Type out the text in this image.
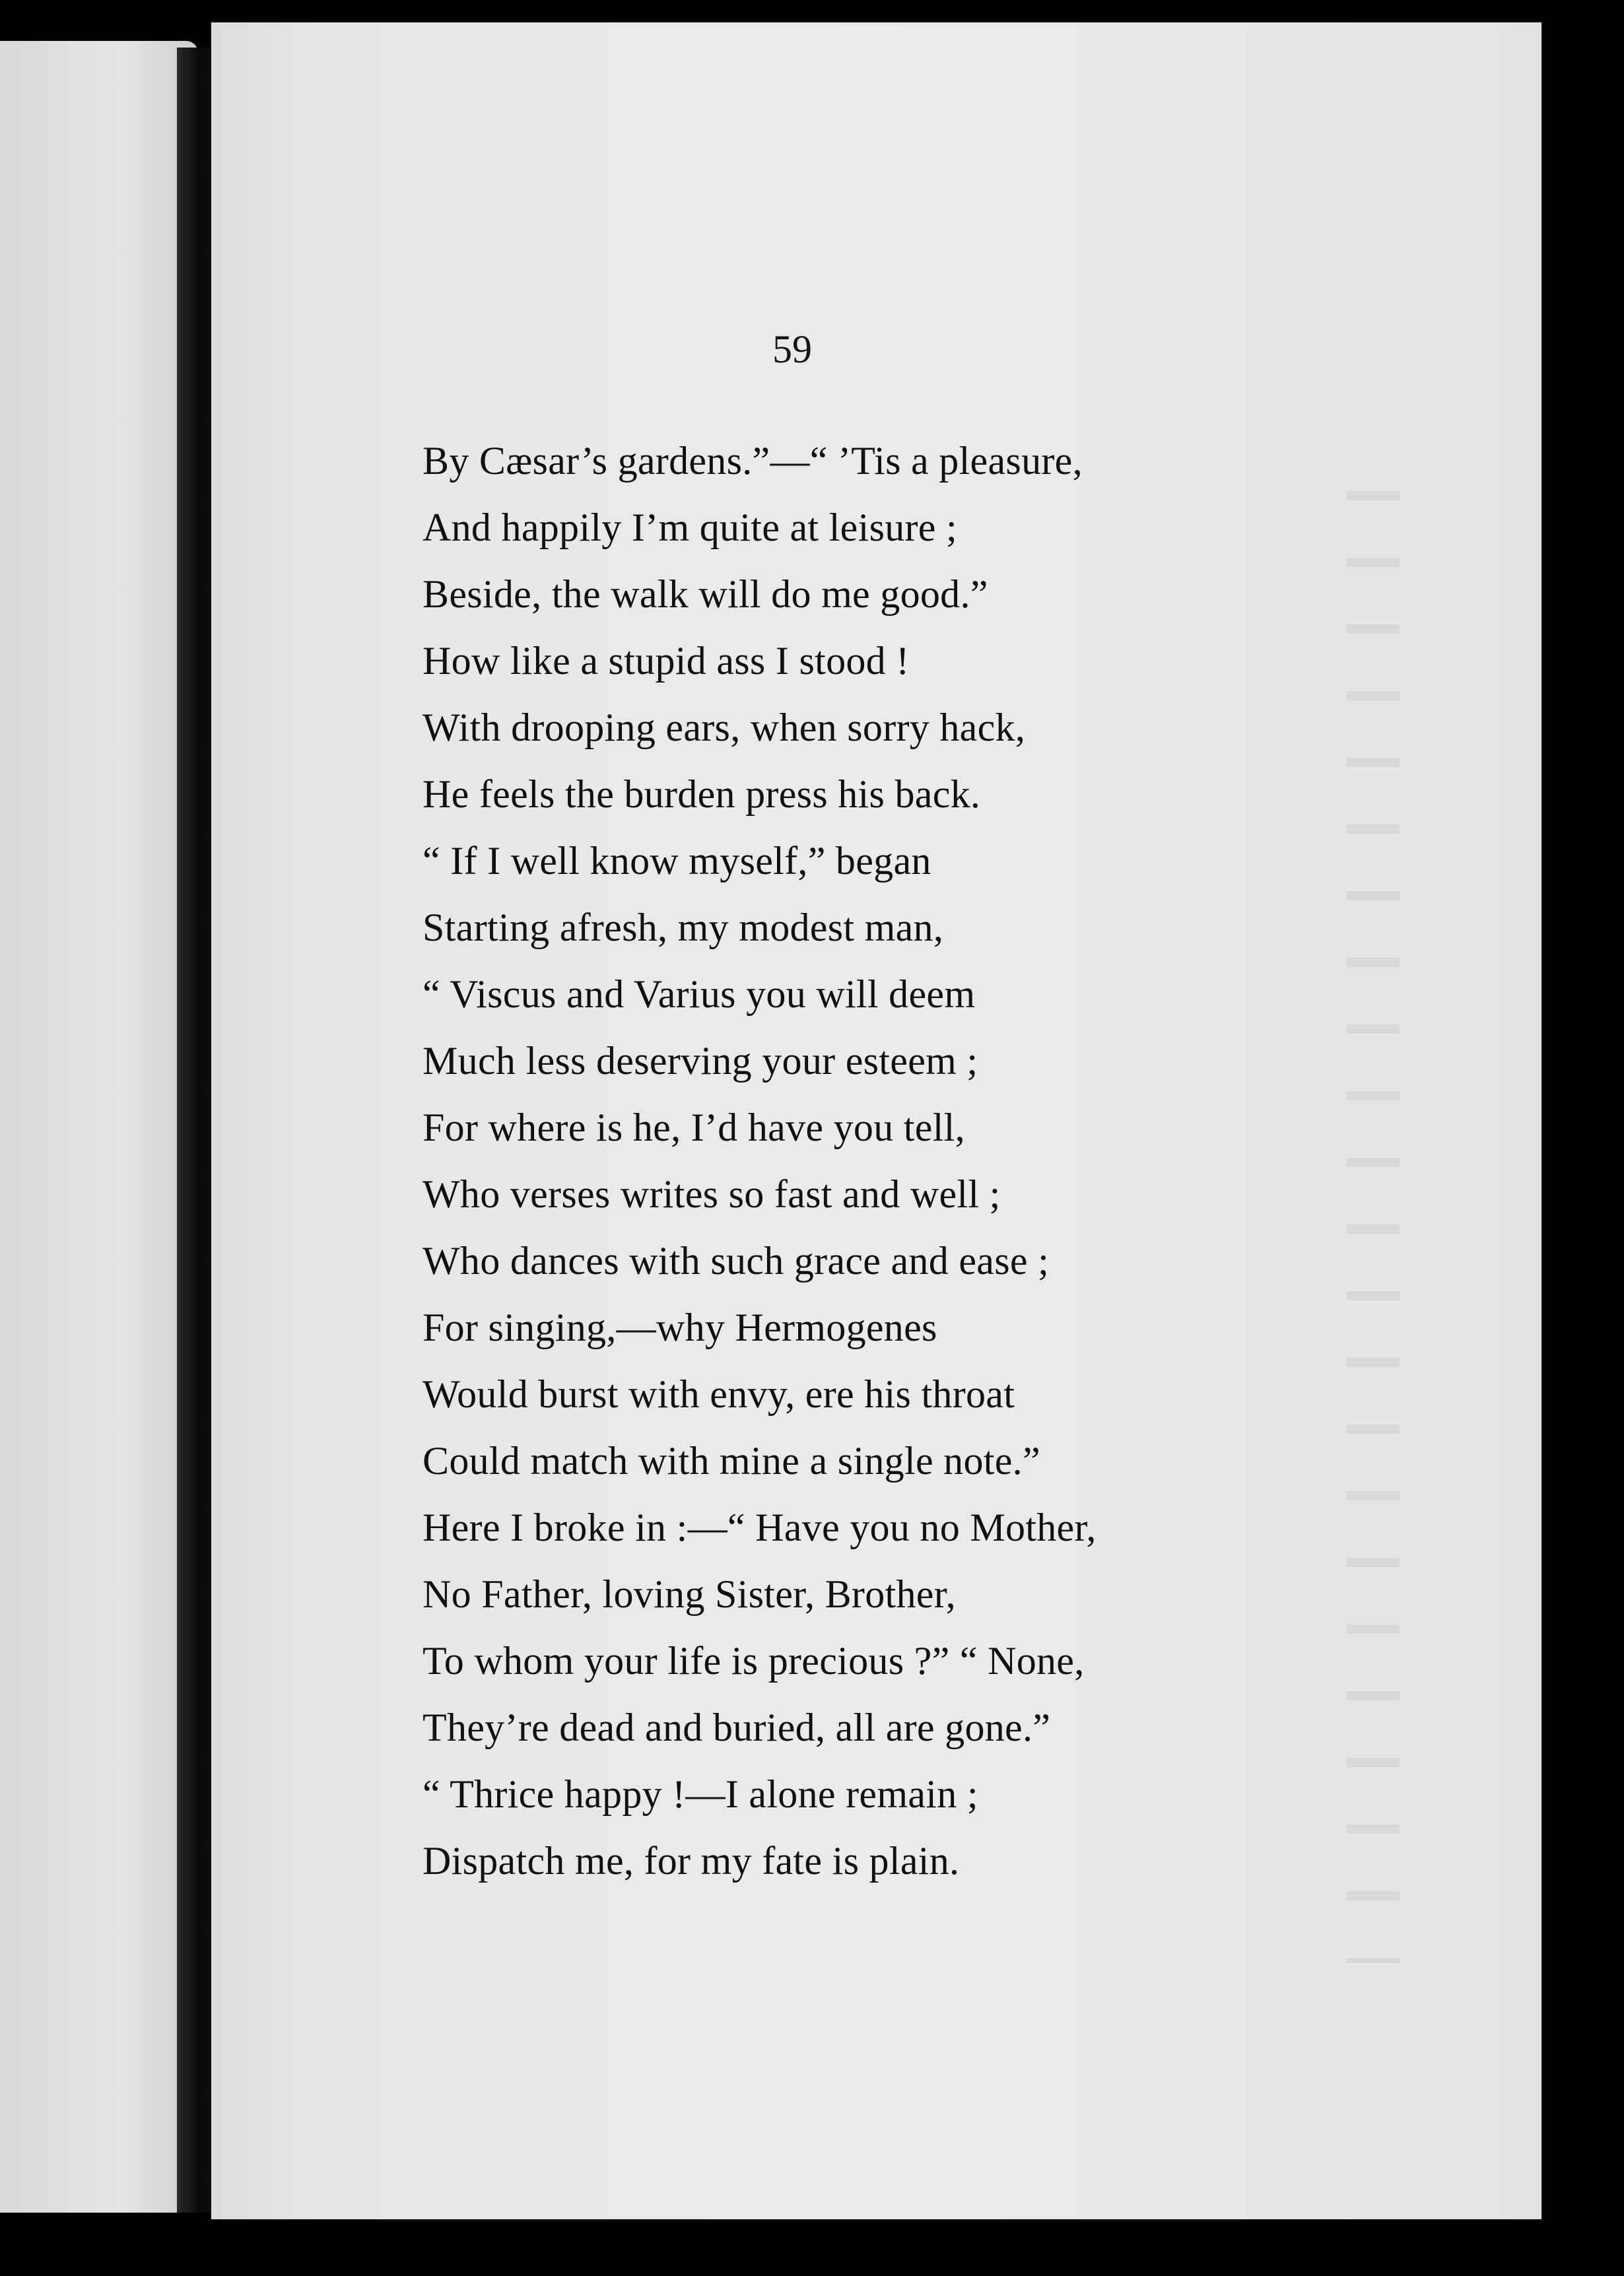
59
By Cæsar’s gardens.”—“ ’Tis a pleasure,
And happily I’m quite at leisure ;
Beside, the walk will do me good.”
How like a stupid ass I stood !
With drooping ears, when sorry hack,
He feels the burden press his back.
“ If I well know myself,” began
Starting afresh, my modest man,
“ Viscus and Varius you will deem
Much less deserving your esteem ;
For where is he, I’d have you tell,
Who verses writes so fast and well ;
Who dances with such grace and ease ;
For singing,—why Hermogenes
Would burst with envy, ere his throat
Could match with mine a single note.”
Here I broke in :—“ Have you no Mother,
No Father, loving Sister, Brother,
To whom your life is precious ?” “ None,
They’re dead and buried, all are gone.”
“ Thrice happy !—I alone remain ;
Dispatch me, for my fate is plain.
